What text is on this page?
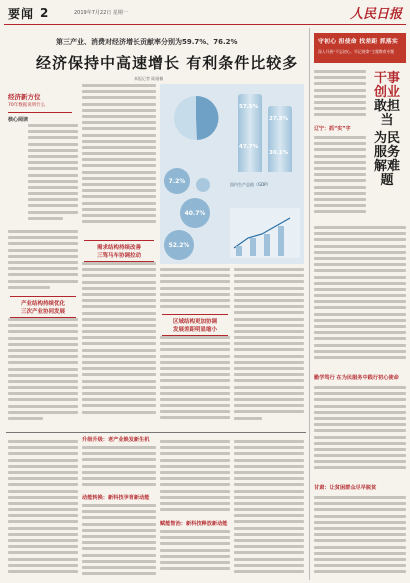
要闻 2	2019年7月22日 星期一	人民日报
守初心 担使命 找差距 抓落实
深入开展“不忘初心、牢记使命”主题教育专题
第三产业、消费对经济增长贡献率分别为59.7%、76.2%
经济保持中高速增长 有利条件比较多
本报记者 陆娅楠
经济新方位
70年数据说明什么
核心阅读
产业结构持续优化
三次产业协同发展
需求结构持续改善
三驾马车协调拉动
57.5%
27.3%
47.7%
30.1%
7.2%
40.7%
52.2%
国内生产总值（GDP）
区域结构更加协调
发展差距明显缩小
升级升级：老产业焕发新生机
动能转换：新科技孕育新动能
赋能智治：新科技释放新动能
干事创业
敢担当
为民服务
解难题
辽宁：抓“实”字
勤学笃行 在为民服务中践行初心使命
甘肃：让贫困群众尽早脱贫
